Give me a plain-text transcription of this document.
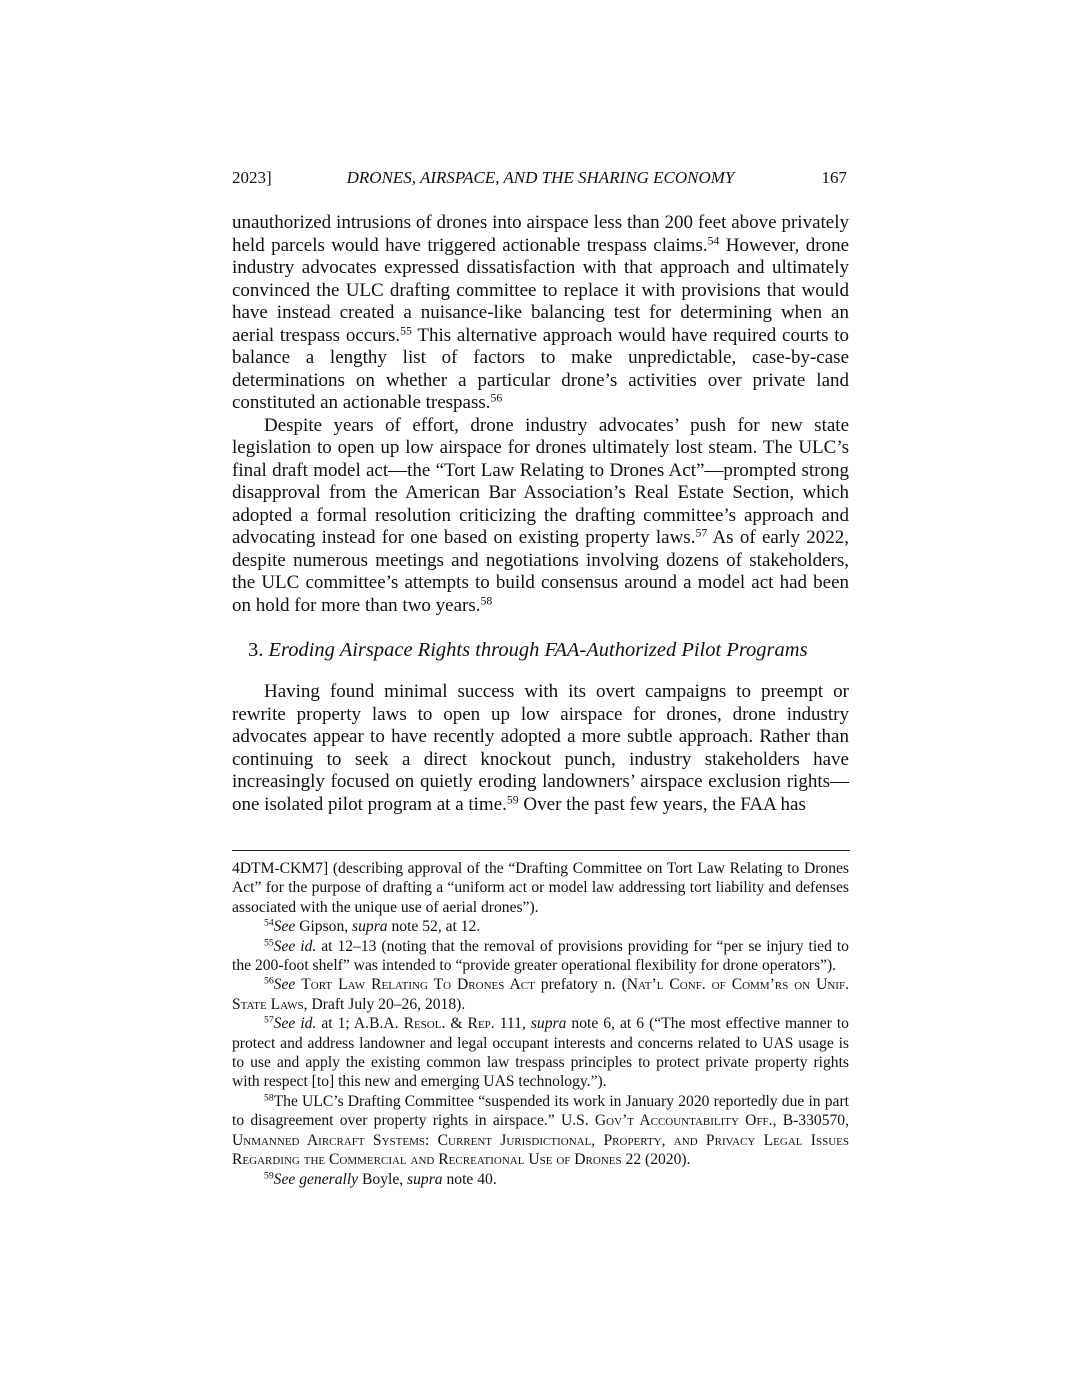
2023]	DRONES, AIRSPACE, AND THE SHARING ECONOMY	167

unauthorized intrusions of drones into airspace less than 200 feet above privately held parcels would have triggered actionable trespass claims.$^{54}$ However, drone industry advocates expressed dissatisfaction with that approach and ultimately convinced the ULC drafting committee to replace it with provisions that would have instead created a nuisance-like balancing test for determining when an aerial trespass occurs.$^{55}$ This alternative approach would have required courts to balance a lengthy list of factors to make unpredictable, case-by-case determinations on whether a particular drone’s activities over private land constituted an actionable trespass.$^{56}$

Despite years of effort, drone industry advocates’ push for new state legislation to open up low airspace for drones ultimately lost steam. The ULC’s final draft model act—the “Tort Law Relating to Drones Act”—prompted strong disapproval from the American Bar Association’s Real Estate Section, which adopted a formal resolution criticizing the drafting committee’s approach and advocating instead for one based on existing property laws.$^{57}$ As of early 2022, despite numerous meetings and negotiations involving dozens of stakeholders, the ULC committee’s attempts to build consensus around a model act had been on hold for more than two years.$^{58}$

3. Eroding Airspace Rights through FAA-Authorized Pilot Programs

Having found minimal success with its overt campaigns to preempt or rewrite property laws to open up low airspace for drones, drone industry advocates appear to have recently adopted a more subtle approach. Rather than continuing to seek a direct knockout punch, industry stakeholders have increasingly focused on quietly eroding landowners’ airspace exclusion rights—one isolated pilot program at a time.$^{59}$ Over the past few years, the FAA has

4DTM-CKM7] (describing approval of the “Drafting Committee on Tort Law Relating to Drones Act” for the purpose of drafting a “uniform act or model law addressing tort liability and defenses associated with the unique use of aerial drones”).

$^{54}$See Gipson, supra note 52, at 12.

$^{55}$See id. at 12–13 (noting that the removal of provisions providing for “per se injury tied to the 200-foot shelf” was intended to “provide greater operational flexibility for drone operators”).

$^{56}$See Tort Law Relating To Drones Act prefatory n. (Nat’l Conf. of Comm’rs on Unif. State Laws, Draft July 20–26, 2018).

$^{57}$See id. at 1; A.B.A. Resol. & Rep. 111, supra note 6, at 6 (“The most effective manner to protect and address landowner and legal occupant interests and concerns related to UAS usage is to use and apply the existing common law trespass principles to protect private property rights with respect [to] this new and emerging UAS technology.”).

$^{58}$The ULC’s Drafting Committee “suspended its work in January 2020 reportedly due in part to disagreement over property rights in airspace.” U.S. Gov’t Accountability Off., B-330570, Unmanned Aircraft Systems: Current Jurisdictional, Property, and Privacy Legal Issues Regarding the Commercial and Recreational Use of Drones 22 (2020).

$^{59}$See generally Boyle, supra note 40.
